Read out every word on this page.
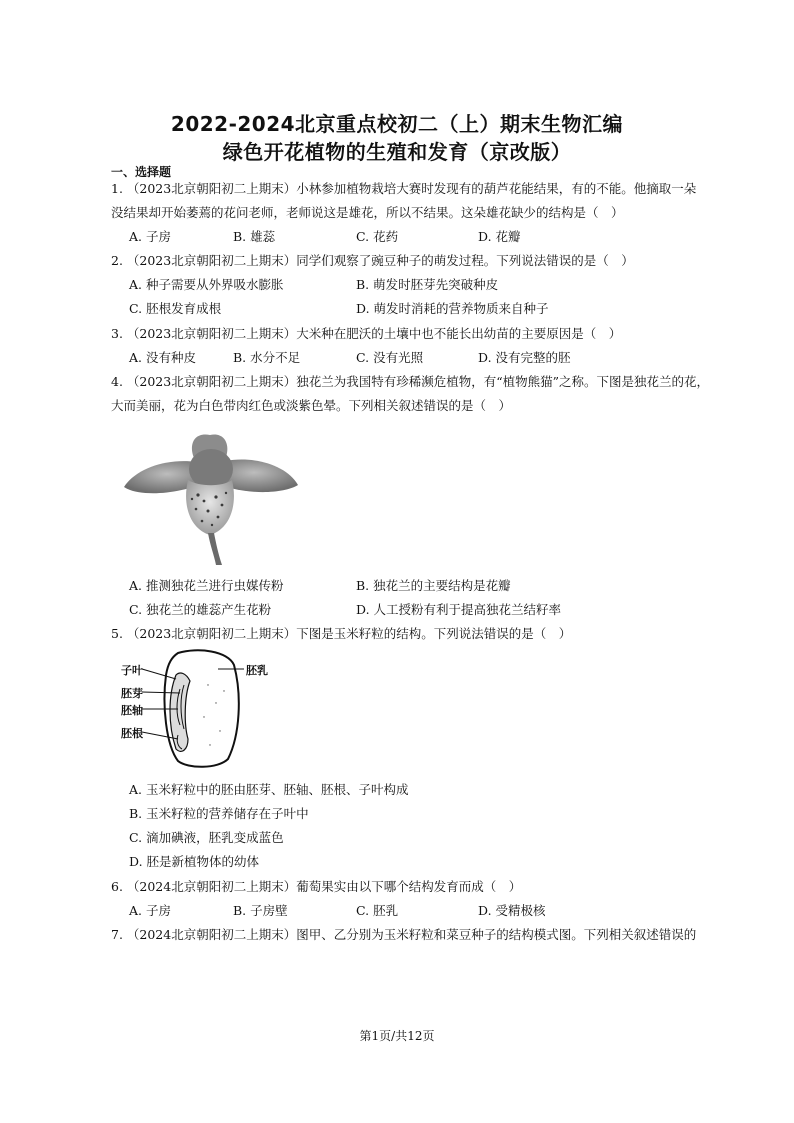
2022-2024北京重点校初二（上）期末生物汇编
绿色开花植物的生殖和发育（京改版）
一、选择题
1. （2023北京朝阳初二上期末）小林参加植物栽培大赛时发现有的葫芦花能结果，有的不能。他摘取一朵
没结果却开始萎蔫的花问老师，老师说这是雄花，所以不结果。这朵雄花缺少的结构是（　）
A. 子房	B. 雄蕊	C. 花药	D. 花瓣
2. （2023北京朝阳初二上期末）同学们观察了豌豆种子的萌发过程。下列说法错误的是（　）
A. 种子需要从外界吸水膨胀	B. 萌发时胚芽先突破种皮
C. 胚根发育成根	D. 萌发时消耗的营养物质来自种子
3. （2023北京朝阳初二上期末）大米种在肥沃的土壤中也不能长出幼苗的主要原因是（　）
A. 没有种皮	B. 水分不足	C. 没有光照	D. 没有完整的胚
4. （2023北京朝阳初二上期末）独花兰为我国特有珍稀濒危植物，有“植物熊猫”之称。下图是独花兰的花，
大而美丽，花为白色带肉红色或淡紫色晕。下列相关叙述错误的是（　）
A. 推测独花兰进行虫媒传粉	B. 独花兰的主要结构是花瓣
C. 独花兰的雄蕊产生花粉	D. 人工授粉有利于提高独花兰结籽率
5. （2023北京朝阳初二上期末）下图是玉米籽粒的结构。下列说法错误的是（　）
子叶
胚芽
胚轴
胚根
胚乳
A. 玉米籽粒中的胚由胚芽、胚轴、胚根、子叶构成
B. 玉米籽粒的营养储存在子叶中
C. 滴加碘液，胚乳变成蓝色
D. 胚是新植物体的幼体
6. （2024北京朝阳初二上期末）葡萄果实由以下哪个结构发育而成（　）
A. 子房	B. 子房壁	C. 胚乳	D. 受精极核
7. （2024北京朝阳初二上期末）图甲、乙分别为玉米籽粒和菜豆种子的结构模式图。下列相关叙述错误的
第1页/共12页
